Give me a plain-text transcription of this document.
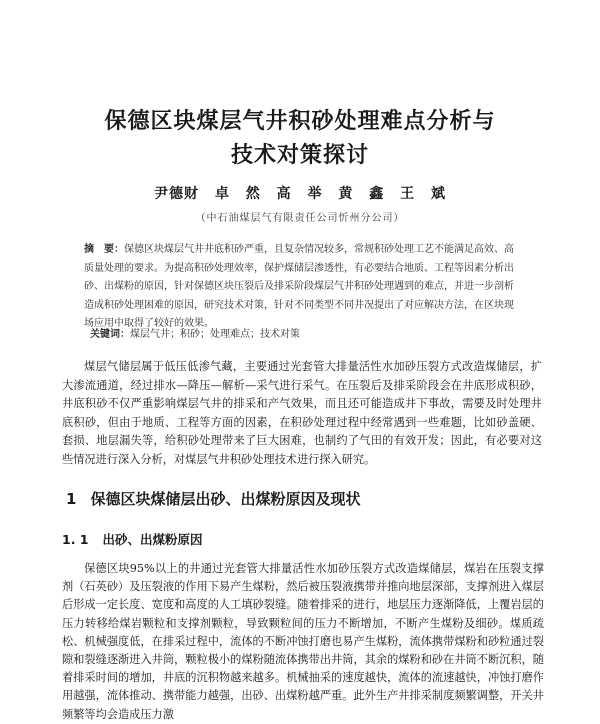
保德区块煤层气井积砂处理难点分析与
技术对策探讨
尹德财 卓 然 高 举 黄 鑫 王 斌
（中石油煤层气有限责任公司忻州分公司）

摘　要：保德区块煤层气井井底积砂严重，且复杂情况较多，常规积砂处理工艺不能满足高效、高质量处理的要求。为提高积砂处理效率，保护煤储层渗透性，有必要结合地质、工程等因素分析出砂、出煤粉的原因，针对保德区块压裂后及排采阶段煤层气井积砂处理遇到的难点，并进一步剖析造成积砂处理困难的原因，研究技术对策，针对不同类型不同井况提出了对应解决方法，在区块现场应用中取得了较好的效果。

关键词：煤层气井；积砂；处理难点；技术对策

煤层气储层属于低压低渗气藏，主要通过光套管大排量活性水加砂压裂方式改造煤储层，扩大渗流通道，经过排水—降压—解析—采气进行采气。在压裂后及排采阶段会在井底形成积砂，井底积砂不仅严重影响煤层气井的排采和产气效果，而且还可能造成井下事故，需要及时处理井底积砂，但由于地质、工程等方面的因素，在积砂处理过程中经常遇到一些难题，比如砂盖硬、套损、地层漏失等，给积砂处理带来了巨大困难，也制约了气田的有效开发；因此，有必要对这些情况进行深入分析，对煤层气井积砂处理技术进行探入研究。

1 保德区块煤储层出砂、出煤粉原因及现状
1. 1 出砂、出煤粉原因

保德区块95%以上的井通过光套管大排量活性水加砂压裂方式改造煤储层，煤岩在压裂支撑剂（石英砂）及压裂液的作用下易产生煤粉，然后被压裂液携带并推向地层深部，支撑剂进入煤层后形成一定长度、宽度和高度的人工填砂裂缝。随着排采的进行，地层压力逐渐降低，上覆岩层的压力转移给煤岩颗粒和支撑剂颗粒，导致颗粒间的压力不断增加，不断产生煤粉及细砂。煤质疏松、机械强度低，在排采过程中，流体的不断冲蚀打磨也易产生煤粉，流体携带煤粉和砂粒通过裂隙和裂缝逐渐进入井筒，颗粒极小的煤粉随流体携带出井筒，其余的煤粉和砂在井筒不断沉积，随着排采时间的增加，井底的沉积物越来越多。机械抽采的速度越快，流体的流速越快，冲蚀打磨作用越强，流体推动、携带能力越强，出砂、出煤粉越严重。此外生产井排采制度频繁调整，开关井频繁等均会造成压力激
